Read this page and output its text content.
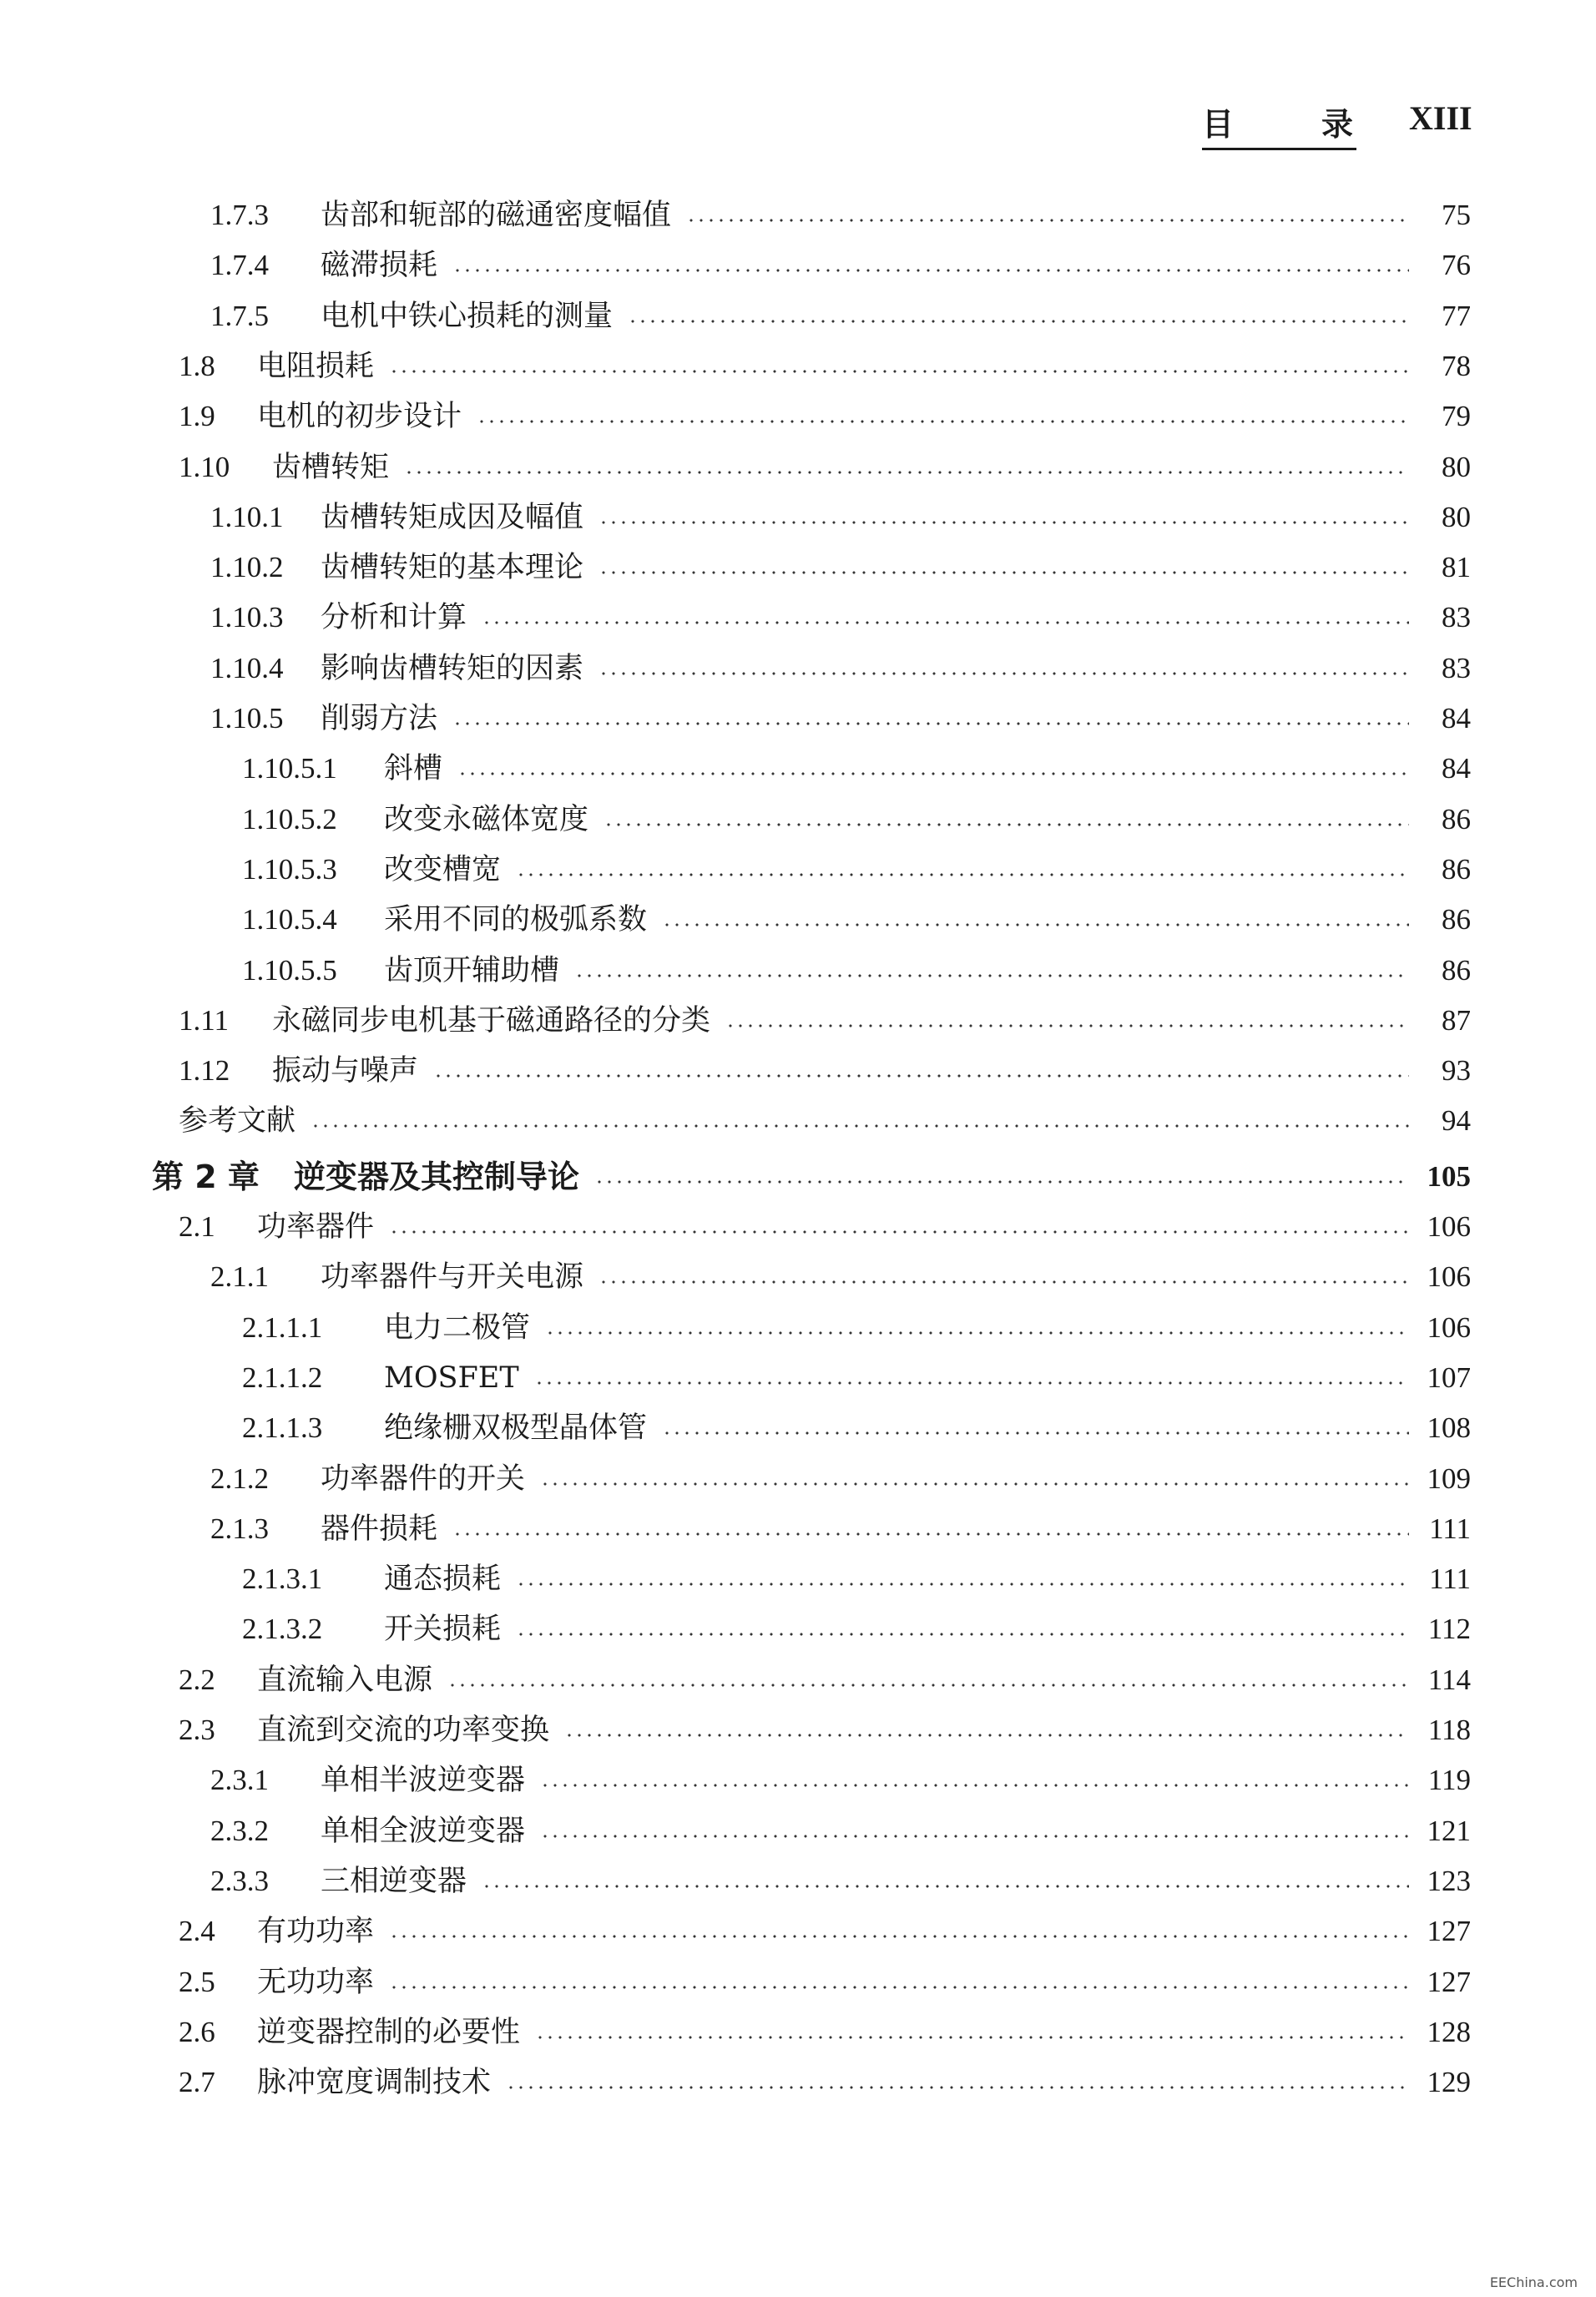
目	录 XIII
1.7.3	齿部和轭部的磁通密度幅值	75
1.7.4	磁滞损耗	76
1.7.5	电机中铁心损耗的测量	77
1.8	电阻损耗	78
1.9	电机的初步设计	79
1.10	齿槽转矩	80
1.10.1	齿槽转矩成因及幅值	80
1.10.2	齿槽转矩的基本理论	81
1.10.3	分析和计算	83
1.10.4	影响齿槽转矩的因素	83
1.10.5	削弱方法	84
1.10.5.1	斜槽	84
1.10.5.2	改变永磁体宽度	86
1.10.5.3	改变槽宽	86
1.10.5.4	采用不同的极弧系数	86
1.10.5.5	齿顶开辅助槽	86
1.11	永磁同步电机基于磁通路径的分类	87
1.12	振动与噪声	93
参考文献	94
第 2 章	逆变器及其控制导论	105
2.1	功率器件	106
2.1.1	功率器件与开关电源	106
2.1.1.1	电力二极管	106
2.1.1.2	MOSFET	107
2.1.1.3	绝缘栅双极型晶体管	108
2.1.2	功率器件的开关	109
2.1.3	器件损耗	111
2.1.3.1	通态损耗	111
2.1.3.2	开关损耗	112
2.2	直流输入电源	114
2.3	直流到交流的功率变换	118
2.3.1	单相半波逆变器	119
2.3.2	单相全波逆变器	121
2.3.3	三相逆变器	123
2.4	有功功率	127
2.5	无功功率	127
2.6	逆变器控制的必要性	128
2.7	脉冲宽度调制技术	129
EEChina.com
